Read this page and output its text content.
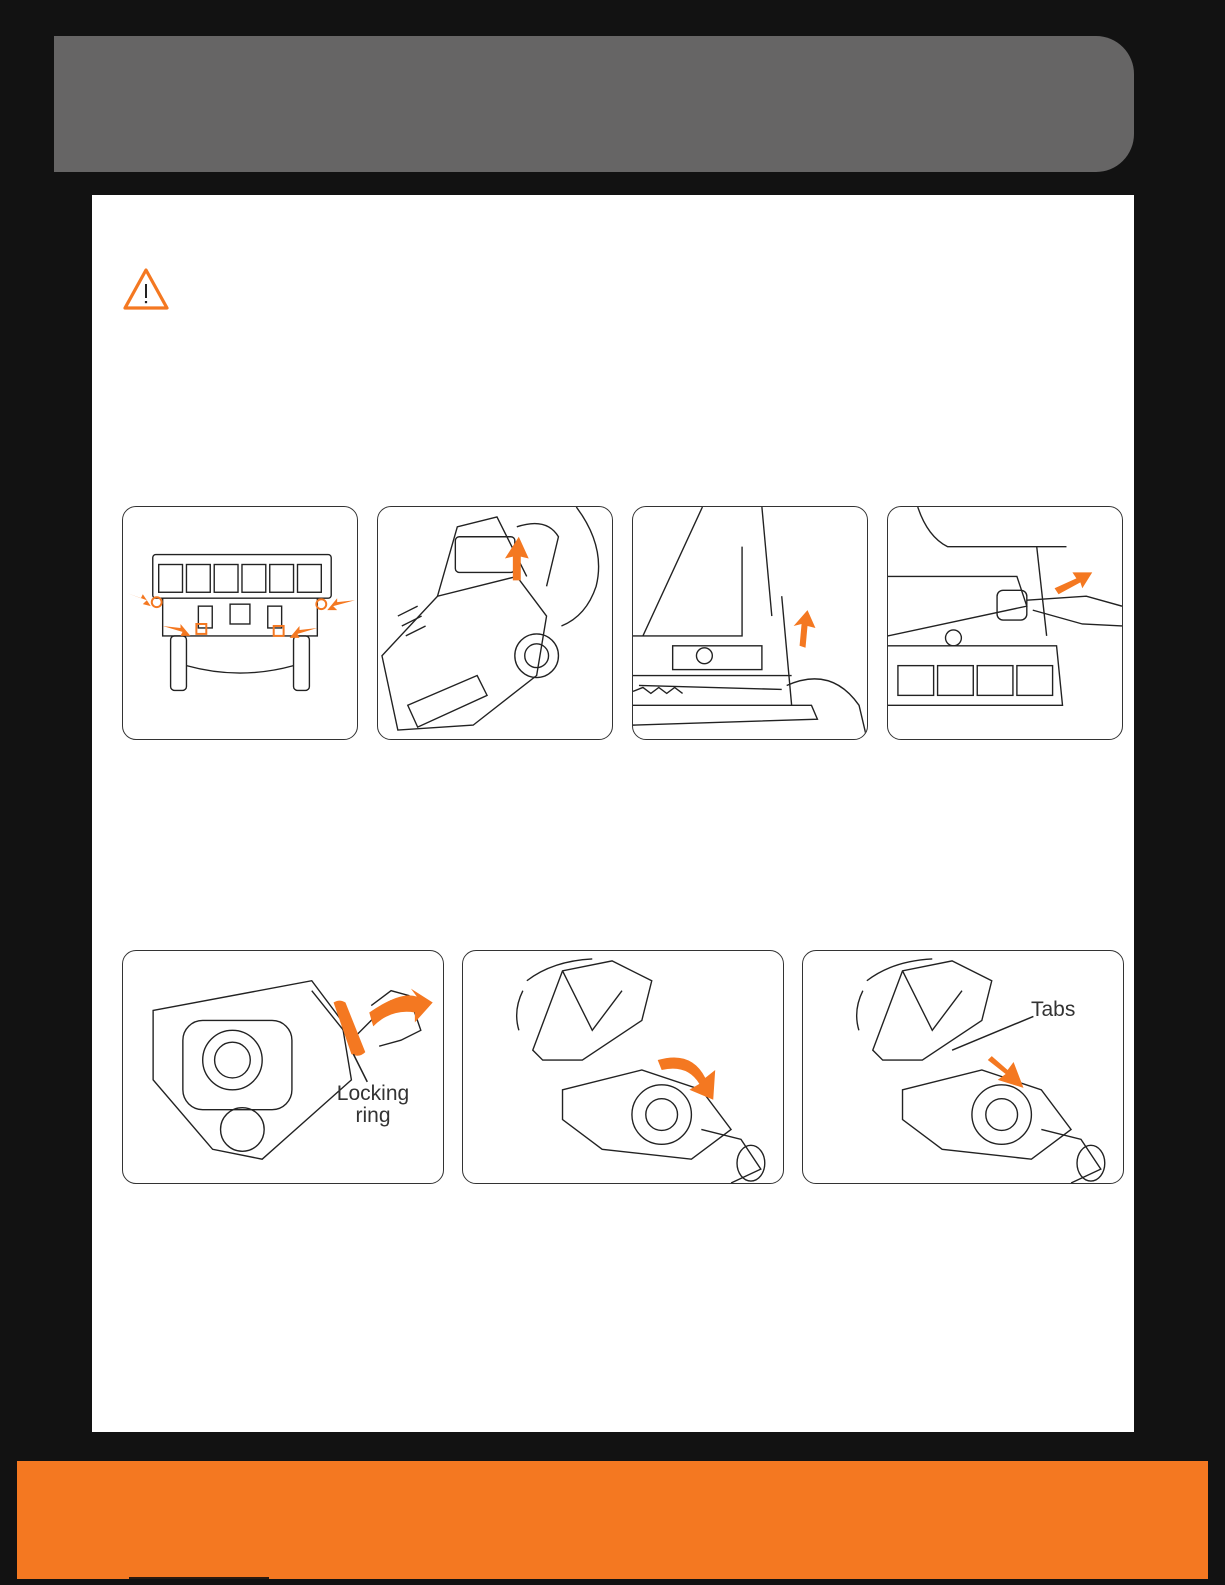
Locking
ring
Tabs
